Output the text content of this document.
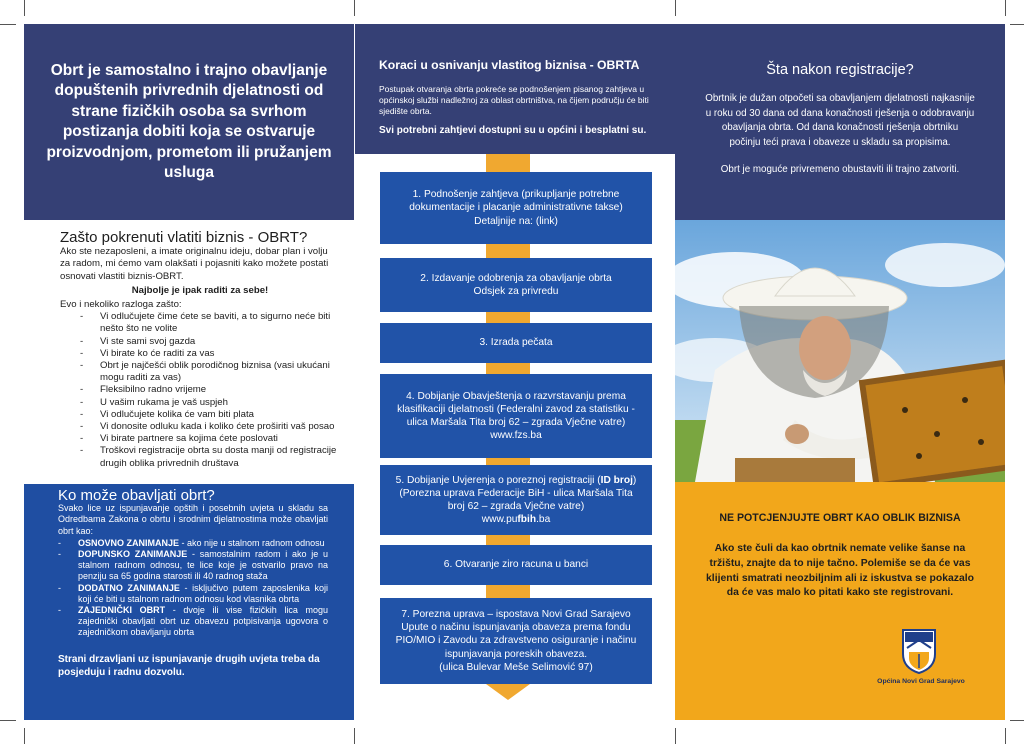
Obrt je samostalno i trajno obavljanje dopuštenih privrednih djelatnosti od strane fizičkih osoba sa svrhom postizanja dobiti koja se ostvaruje proizvodnjom, prometom ili pružanjem usluga
Zašto pokrenuti vlatiti biznis - OBRT?

Ako ste nezaposleni, a imate originalnu ideju, dobar plan i volju za radom, mi ćemo vam olakšati i pojasniti kako možete postati osnovati vlastiti biznis-OBRT.

Najbolje je ipak raditi za sebe!

Evo i nekoliko razloga zašto:

- Vi odlučujete čime ćete se baviti, a to sigurno neće biti nešto što ne volite
- Vi ste sami svoj gazda
- Vi birate ko će raditi za vas
- Obrt je najčešći oblik porodičnog biznisa (vasi ukućani mogu raditi za vas)
- Fleksibilno radno vrijeme
- U vašim rukama je vaš uspjeh
- Vi odlučujete kolika će vam biti plata
- Vi donosite odluku kada i koliko ćete proširiti vaš posao
- Vi birate partnere sa kojima ćete poslovati
- Troškovi registracije obrta su dosta manji od registracije drugih oblika privrednih društava
Ko može obavljati obrt?

Svako lice uz ispunjavanje opštih i posebnih uvjeta u skladu sa Odredbama Zakona o obrtu i srodnim djelatnostima može obavljati obrt kao:

- OSNOVNO ZANIMANJE - ako nije u stalnom radnom odnosu
- DOPUNSKO ZANIMANJE - samostalnim radom i ako je u stalnom radnom odnosu, te lice koje je ostvarilo pravo na penziju sa 65 godina starosti ili 40 radnog staža
- DODATNO ZANIMANJE - isključivo putem zaposlenika koji koji će biti u stalnom radnom odnosu kod vlasnika obrta
- ZAJEDNIČKI OBRT - dvoje ili vise fizičkih lica mogu zajednički obavljati obrt uz obavezu potpisivanja ugovora o zajedničkom obavljanju obrta

Strani drzavljani uz ispunjavanje drugih uvjeta treba da posjeduju i radnu dozvolu.

Koraci u osnivanju vlastitog biznisa - OBRTA

Postupak otvaranja obrta pokreće se podnošenjem pisanog zahtjeva u općinskoj službi nadležnoj za oblast obrtništva, na čijem području će biti sjedište obrta.

Svi potrebni zahtjevi dostupni su u općini i besplatni su.

1. Podnošenje zahtjeva (prikupljanje potrebne dokumentacije i placanje administrativne takse)
Detaljnije na: (link)
2. Izdavanje odobrenja za obavljanje obrta
Odsjek za privredu
3. Izrada pečata
4. Dobijanje Obavještenja o razvrstavanju prema klasifikaciji djelatnosti (Federalni zavod za statistiku - ulica Maršala Tita broj 62 – zgrada Vječne vatre)
www.fzs.ba
5. Dobijanje Uvjerenja o poreznoj registraciji (ID broj) (Porezna uprava Federacije BiH - ulica Maršala Tita broj 62 – zgrada Vječne vatre)
www.pufbih.ba
6. Otvaranje ziro racuna u banci
7. Porezna uprava – ispostava Novi Grad Sarajevo Upute o načinu ispunjavanja obaveza prema fondu PIO/MIO i Zavodu za zdravstveno osiguranje i načinu ispunjavanja poreskih obaveza.
(ulica Bulevar Meše Selimović 97)
Šta nakon registracije?

Obrtnik je dužan otpočeti sa obavljanjem djelatnosti najkasnije u roku od 30 dana od dana konačnosti rješenja o odobravanju obavljanja obrta. Od dana konačnosti rješenja obrtniku počinju teći prava i obaveze u skladu sa propisima.

Obrt je moguće privremeno obustaviti ili trajno zatvoriti.

NE POTCJENJUJTE OBRT KAO OBLIK BIZNISA

Ako ste čuli da kao obrtnik nemate velike šanse na tržištu, znajte da to nije tačno. Polemiše se da će vas klijenti smatrati neozbiljnim ali iz iskustva se pokazalo da će vas malo ko pitati kako ste registrovani.

Općina Novi Grad Sarajevo
